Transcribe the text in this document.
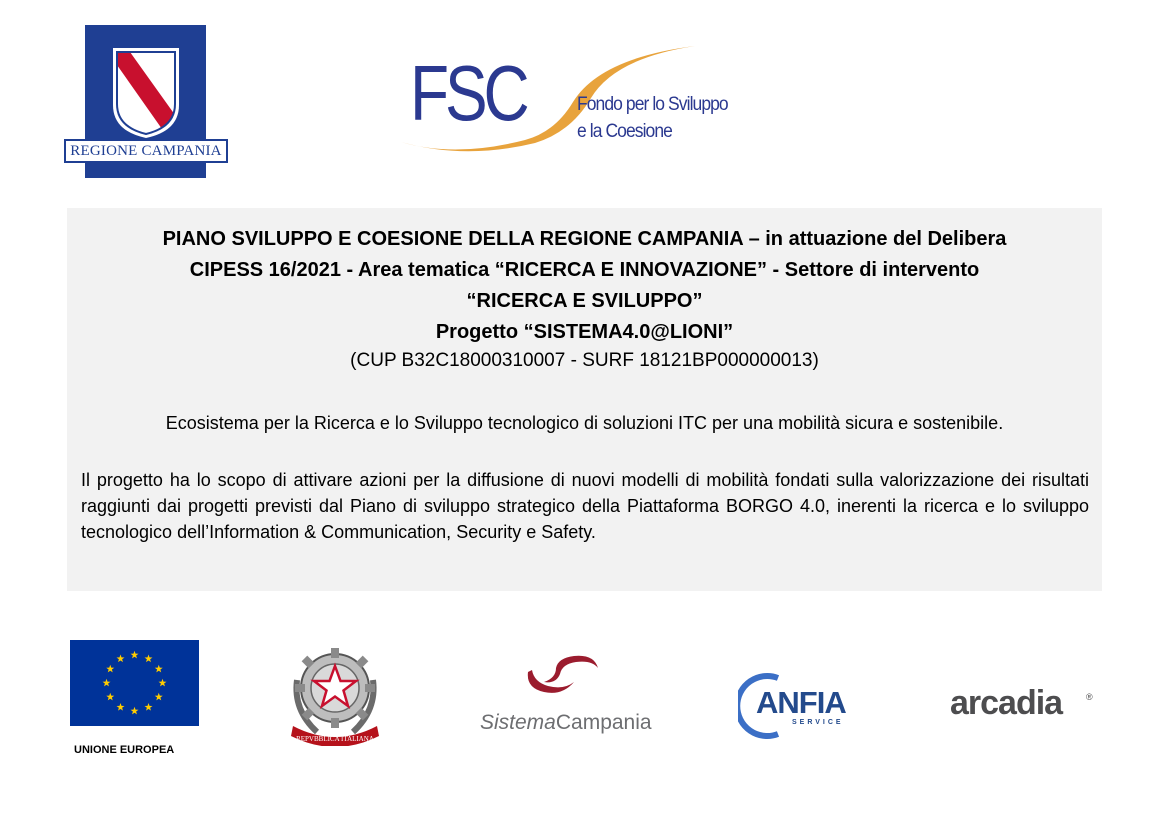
REGIONE CAMPANIA
FSC	Fondo per lo Sviluppo
e la Coesione
PIANO SVILUPPO E COESIONE DELLA REGIONE CAMPANIA – in attuazione del Delibera
CIPESS 16/2021 - Area tematica “RICERCA E INNOVAZIONE” - Settore di intervento
“RICERCA E SVILUPPO”
Progetto “SISTEMA4.0@LIONI”
(CUP B32C18000310007 - SURF 18121BP000000013)
Ecosistema per la Ricerca e lo Sviluppo tecnologico di soluzioni ITC per una mobilità sicura e sostenibile.

Il progetto ha lo scopo di attivare azioni per la diffusione di nuovi modelli di mobilità fondati sulla valorizzazione dei risultati raggiunti dai progetti previsti dal Piano di sviluppo strategico della Piattaforma BORGO 4.0, inerenti la ricerca e lo sviluppo tecnologico dell’Information & Communication, Security e Safety.

UNIONE EUROPEA
REPVBBLICA ITALIANA
SistemaCampania
ANFIA
SERVICE
arcadia	®
